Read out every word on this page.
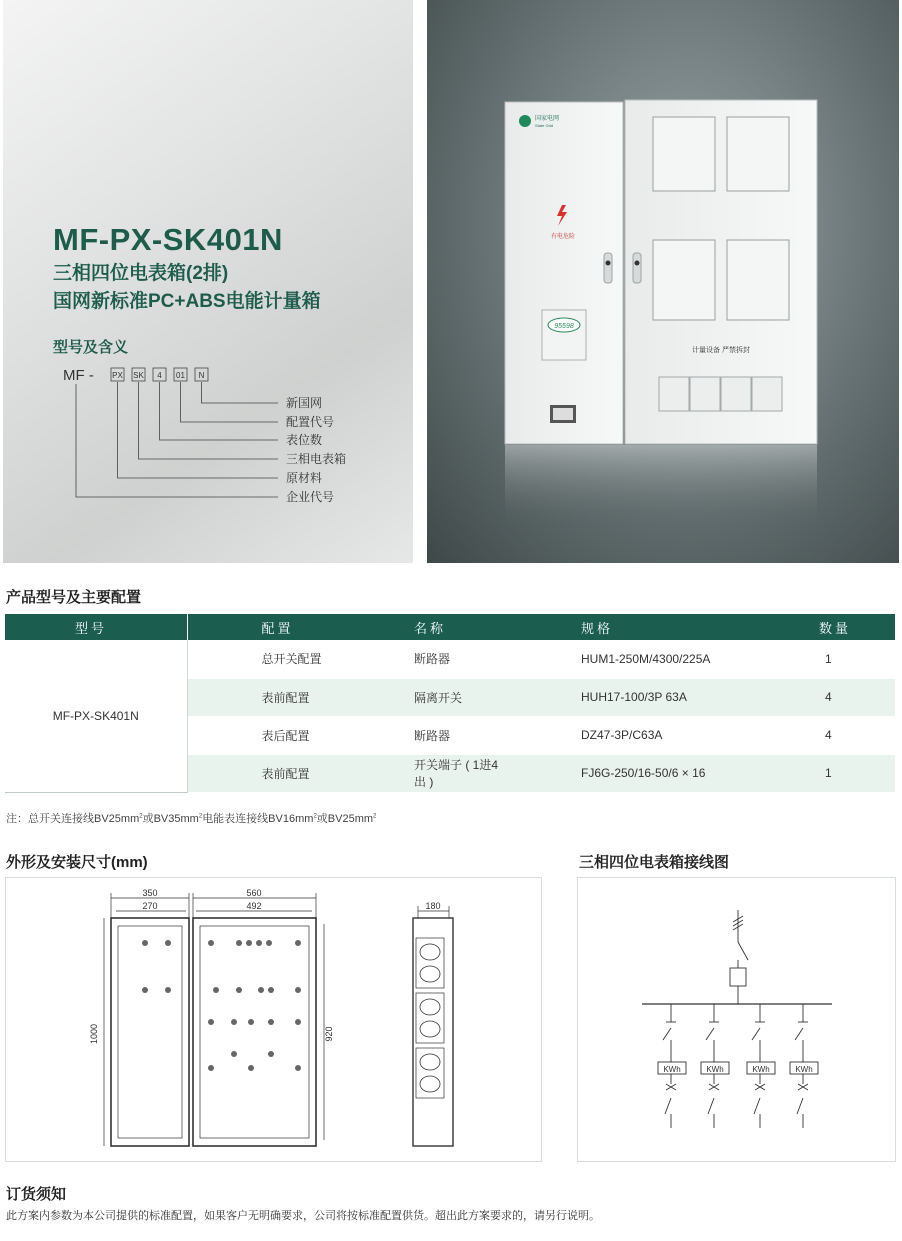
MF-PX-SK401N
三相四位电表箱(2排)
国网新标准PC+ABS电能计量箱
型号及含义
MF - PX SK 4 01 N
新国网
配置代号
表位数
三相电表箱
原材料
企业代号
国家电网
State Grid
有电危险
95598
计量设备 严禁拆封
产品型号及主要配置
型号	配置	名称	规格	数量
MF-PX-SK401N	总开关配置	断路器	HUM1-250M/4300/225A	1
	表前配置	隔离开关	HUH17-100/3P 63A	4
	表后配置	断路器	DZ47-3P/C63A	4
	表前配置	开关端子 ( 1进4出 )	FJ6G-250/16-50/6 × 16	1
注：总开关连接线$BV25mm^2$或$BV35mm^2$电能表连接线$BV16mm^2$或$BV25mm^2$
外形及安装尺寸(mm)	三相四位电表箱接线图
350
270
560
492
1000	920
180
KWh	KWh	KWh	KWh
订货须知
此方案内参数为本公司提供的标准配置，如果客户无明确要求，公司将按标准配置供货。超出此方案要求的，请另行说明。
